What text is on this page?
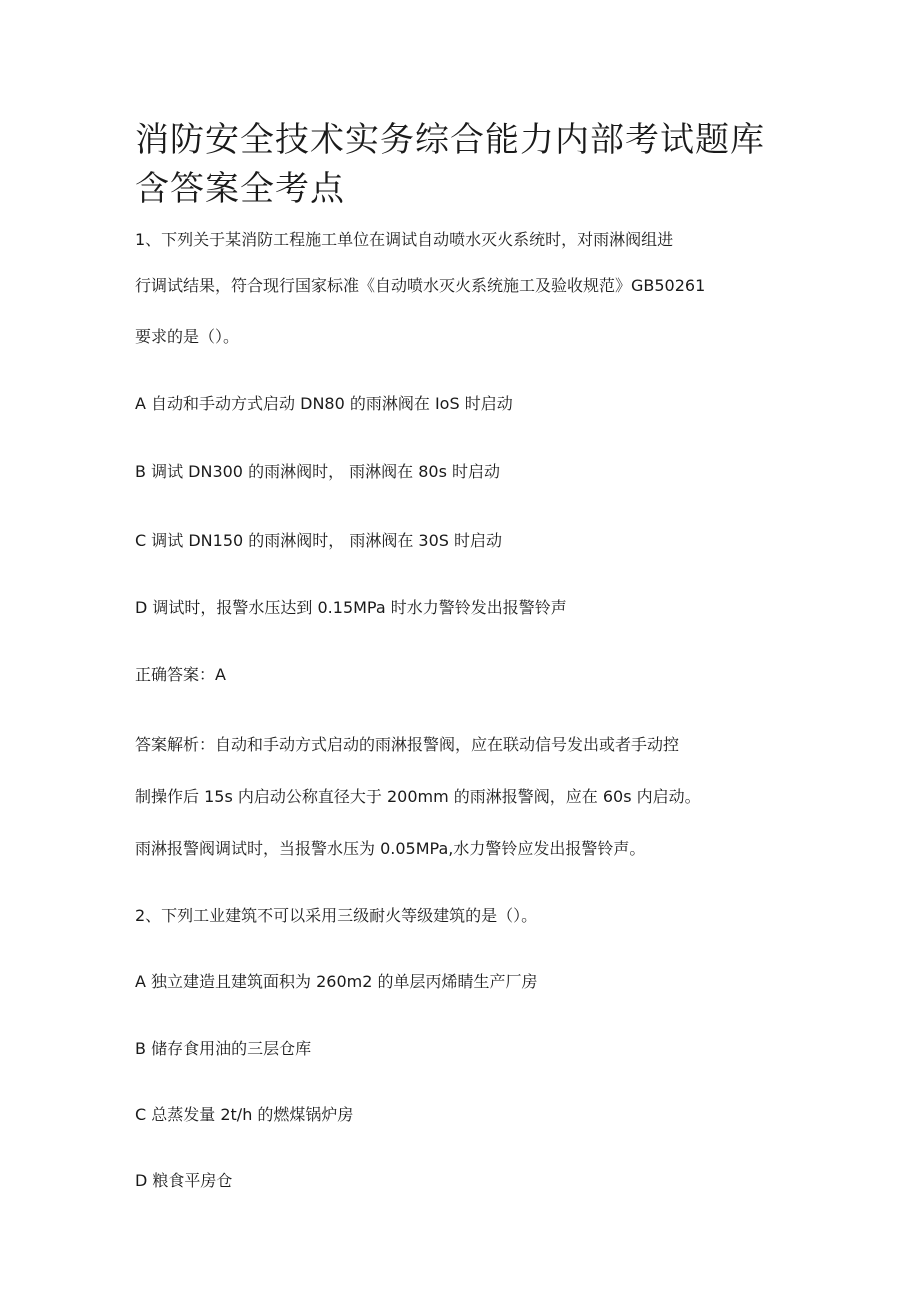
消防安全技术实务综合能力内部考试题库
含答案全考点
1、下列关于某消防工程施工单位在调试自动喷水灭火系统时，对雨淋阀组进
行调试结果，符合现行国家标准《自动喷水灭火系统施工及验收规范》GB50261
要求的是（）。
A 自动和手动方式启动 DN80 的雨淋阀在 IoS 时启动
B 调试 DN300 的雨淋阀时， 雨淋阀在 80s 时启动
C 调试 DN150 的雨淋阀时， 雨淋阀在 30S 时启动
D 调试时，报警水压达到 0.15MPa 时水力警铃发出报警铃声
正确答案：A
答案解析：自动和手动方式启动的雨淋报警阀，应在联动信号发出或者手动控
制操作后 15s 内启动公称直径大于 200mm 的雨淋报警阀，应在 60s 内启动。
雨淋报警阀调试时，当报警水压为 0.05MPa,水力警铃应发出报警铃声。
2、下列工业建筑不可以采用三级耐火等级建筑的是（）。
A 独立建造且建筑面积为 260m2 的单层丙烯睛生产厂房
B 储存食用油的三层仓库
C 总蒸发量 2t∕h 的燃煤锅炉房
D 粮食平房仓
